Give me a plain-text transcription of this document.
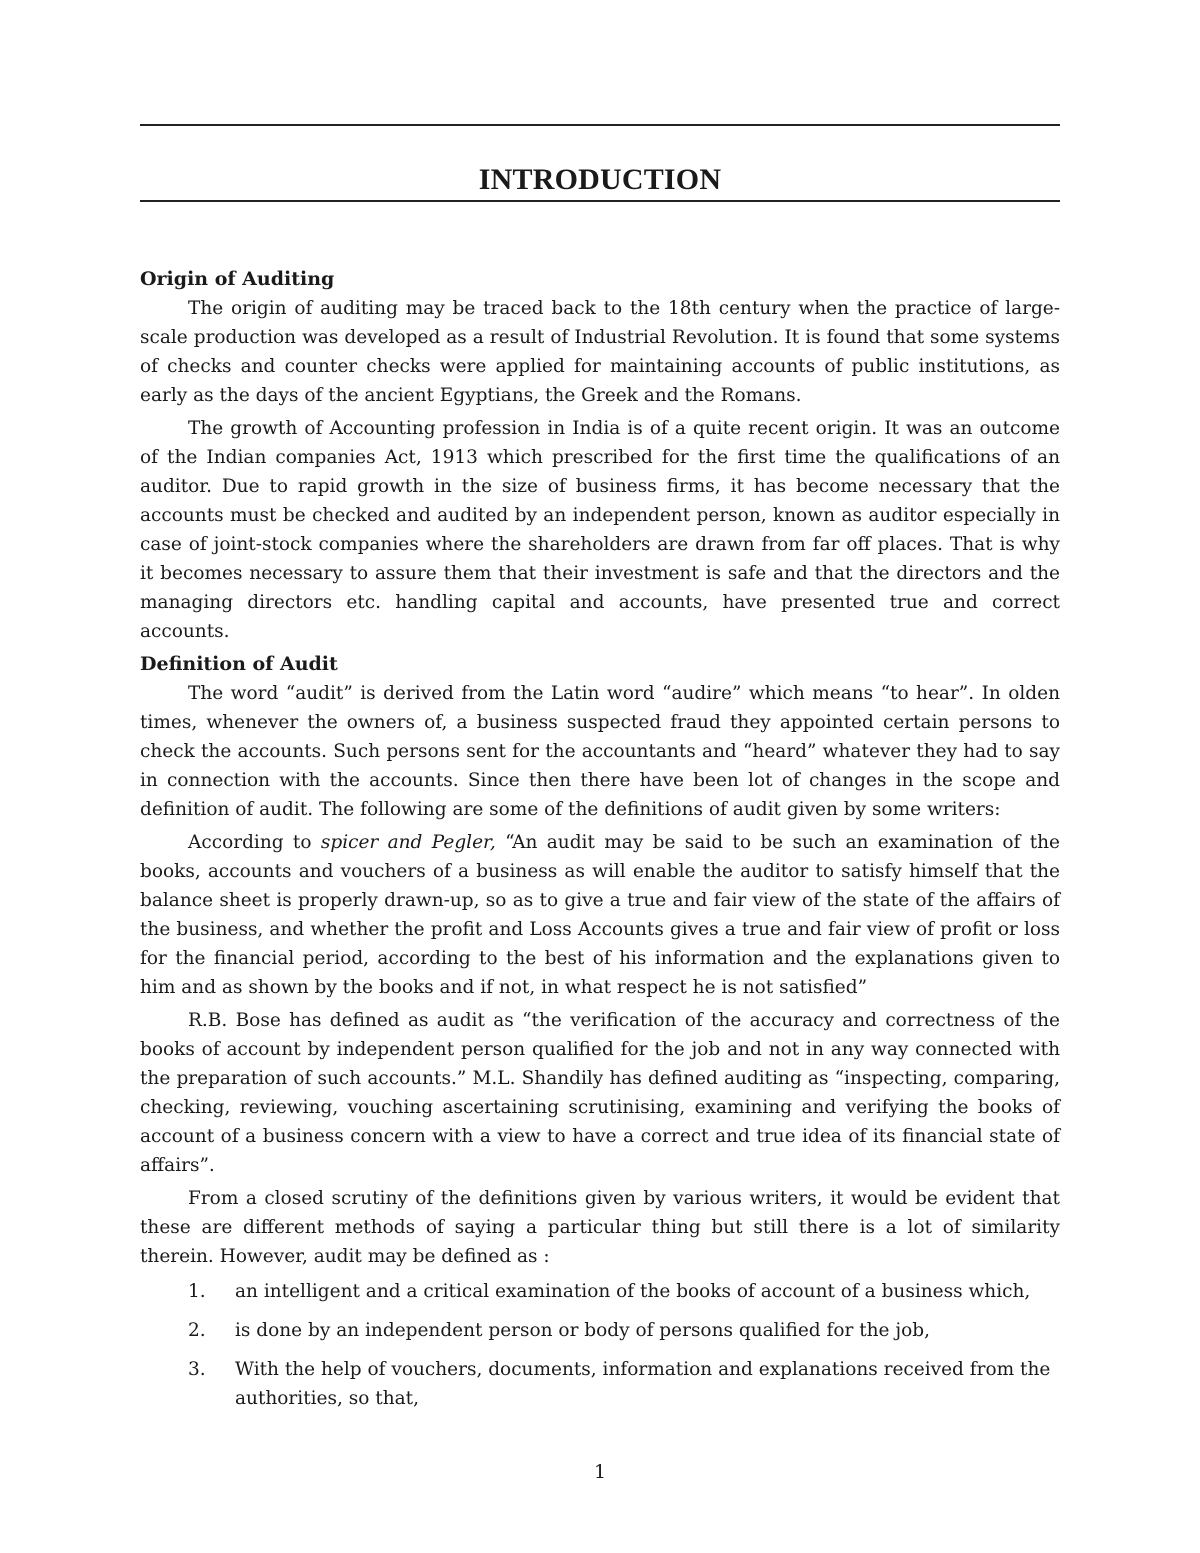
INTRODUCTION
Origin of Auditing

The origin of auditing may be traced back to the 18th century when the practice of large-scale production was developed as a result of Industrial Revolution. It is found that some systems of checks and counter checks were applied for maintaining accounts of public institutions, as early as the days of the ancient Egyptians, the Greek and the Romans.

The growth of Accounting profession in India is of a quite recent origin. It was an outcome of the Indian companies Act, 1913 which prescribed for the first time the qualifications of an auditor. Due to rapid growth in the size of business firms, it has become necessary that the accounts must be checked and audited by an independent person, known as auditor especially in case of joint-stock companies where the shareholders are drawn from far off places. That is why it becomes necessary to assure them that their investment is safe and that the directors and the managing directors etc. handling capital and accounts, have presented true and correct accounts.

Definition of Audit

The word “audit” is derived from the Latin word “audire” which means “to hear”. In olden times, whenever the owners of, a business suspected fraud they appointed certain persons to check the accounts. Such persons sent for the accountants and “heard” whatever they had to say in connection with the accounts. Since then there have been lot of changes in the scope and definition of audit. The following are some of the definitions of audit given by some writers:

According to spicer and Pegler, “An audit may be said to be such an examination of the books, accounts and vouchers of a business as will enable the auditor to satisfy himself that the balance sheet is properly drawn-up, so as to give a true and fair view of the state of the affairs of the business, and whether the profit and Loss Accounts gives a true and fair view of profit or loss for the financial period, according to the best of his information and the explanations given to him and as shown by the books and if not, in what respect he is not satisfied”

R.B. Bose has defined as audit as “the verification of the accuracy and correctness of the books of account by independent person qualified for the job and not in any way connected with the preparation of such accounts.” M.L. Shandily has defined auditing as “inspecting, comparing, checking, reviewing, vouching ascertaining scrutinising, examining and verifying the books of account of a business concern with a view to have a correct and true idea of its financial state of affairs”.

From a closed scrutiny of the definitions given by various writers, it would be evident that these are different methods of saying a particular thing but still there is a lot of similarity therein. However, audit may be defined as :

1. an intelligent and a critical examination of the books of account of a business which,
2. is done by an independent person or body of persons qualified for the job,
3. With the help of vouchers, documents, information and explanations received from the authorities, so that,
1
